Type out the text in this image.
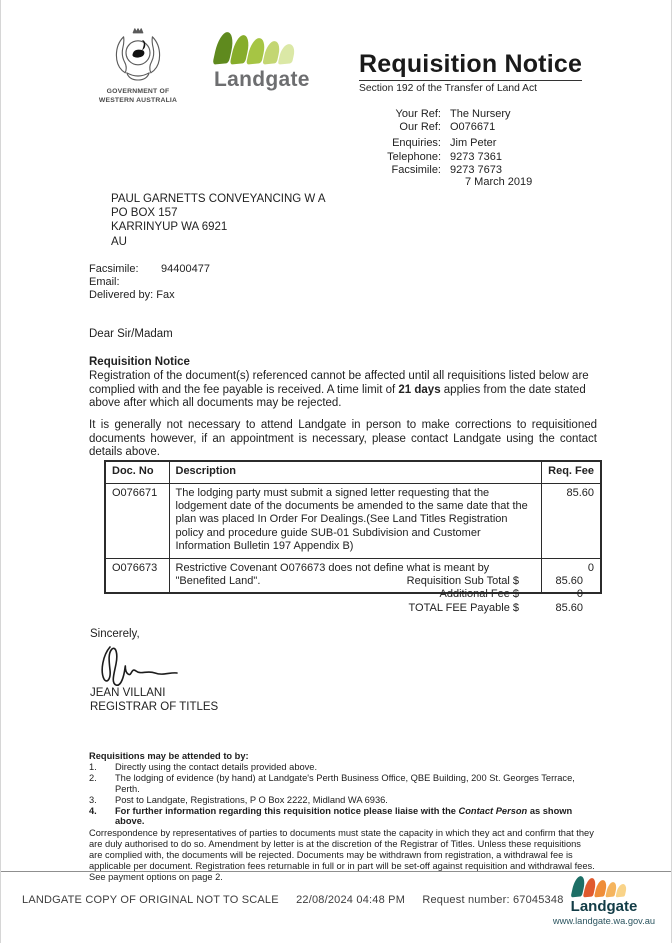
GOVERNMENT OF
WESTERN AUSTRALIA
Landgate
Requisition Notice
Section 192 of the Transfer of Land Act
Your Ref: The Nursery
Our Ref: O076671
Enquiries: Jim Peter
Telephone: 9273 7361
Facsimile: 9273 7673
7 March 2019
PAUL GARNETTS CONVEYANCING W A
PO BOX 157
KARRINYUP WA 6921
AU
Facsimile:	94400477
Email:
Delivered by: Fax
Dear Sir/Madam
Requisition Notice
Registration of the document(s) referenced cannot be affected until all requisitions listed below are complied with and the fee payable is received. A time limit of 21 days applies from the date stated above after which all documents may be rejected.
It is generally not necessary to attend Landgate in person to make corrections to requisitioned documents however, if an appointment is necessary, please contact Landgate using the contact details above.
Doc. No	Description	Req. Fee
O076671	The lodging party must submit a signed letter requesting that the lodgement date of the documents be amended to the same date that the plan was placed In Order For Dealings.(See Land Titles Registration policy and procedure guide SUB-01 Subdivision and Customer Information Bulletin 197 Appendix B)	85.60
O076673	Restrictive Covenant O076673 does not define what is meant by "Benefited Land".	0
Requisition Sub Total $	85.60
Additional Fee $	0
TOTAL FEE Payable $	85.60
Sincerely,
JEAN VILLANI
REGISTRAR OF TITLES
Requisitions may be attended to by:
1.	Directly using the contact details provided above.
2.	The lodging of evidence (by hand) at Landgate's Perth Business Office, QBE Building, 200 St. Georges Terrace, Perth.
3.	Post to Landgate, Registrations, P O Box 2222, Midland WA 6936.
4.	For further information regarding this requisition notice please liaise with the Contact Person as shown above.
Correspondence by representatives of parties to documents must state the capacity in which they act and confirm that they are duly authorised to do so. Amendment by letter is at the discretion of the Registrar of Titles. Unless these requisitions are complied with, the documents will be rejected. Documents may be withdrawn from registration, a withdrawal fee is applicable per document. Registration fees returnable in full or in part will be set-off against requisition and withdrawal fees. See payment options on page 2.
LANDGATE COPY OF ORIGINAL NOT TO SCALE 22/08/2024 04:48 PM Request number: 67045348 Landgate
www.landgate.wa.gov.au
